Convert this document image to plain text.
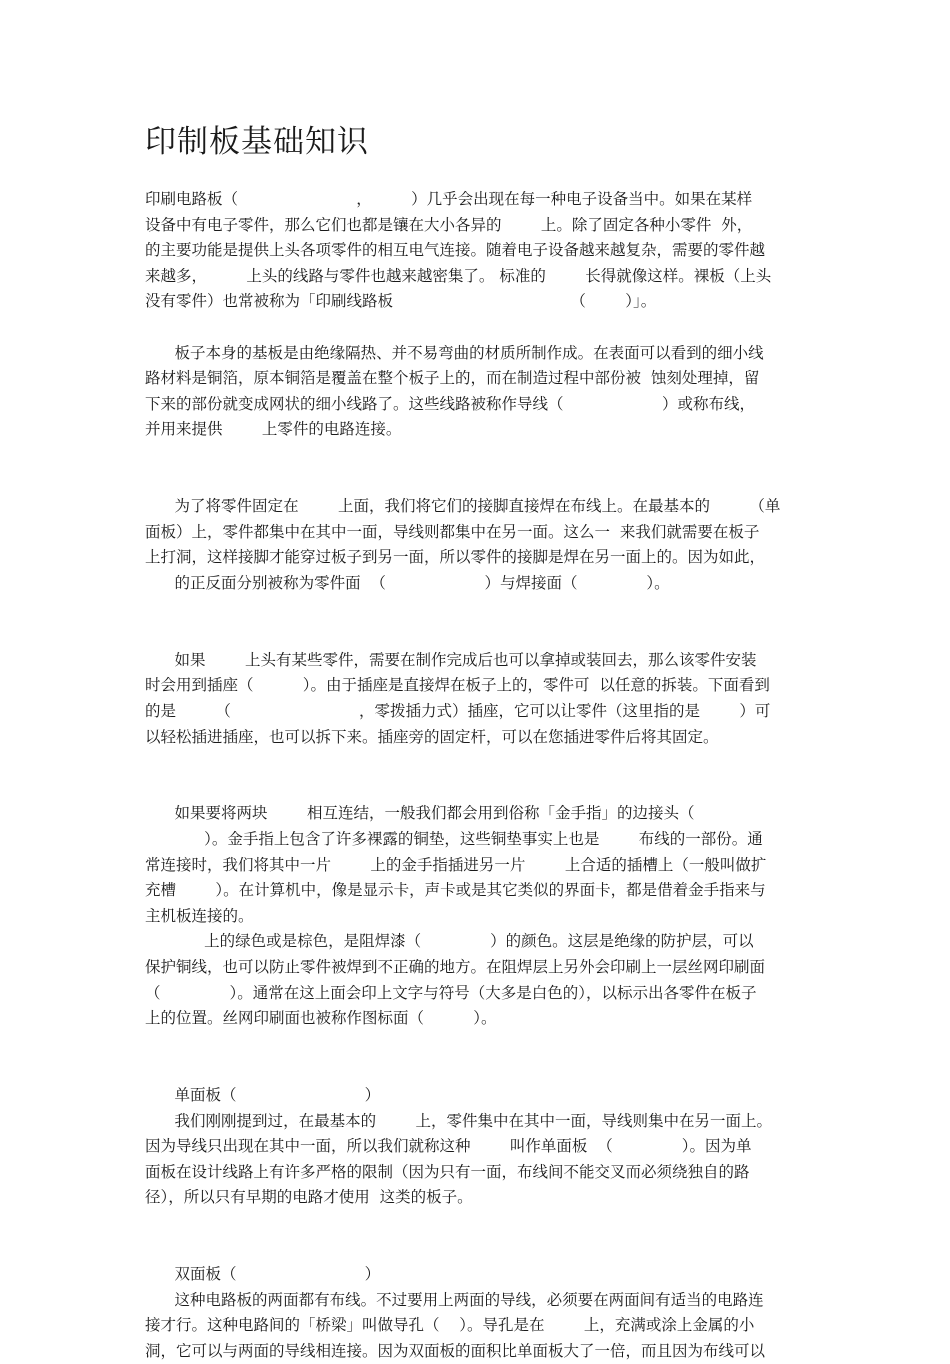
印制板基础知识
印刷电路板（                        ，        ）几乎会出现在每一种电子设备当中。如果在某样
设备中有电子零件，那么它们也都是镶在大小各异的        上。除了固定各种小零件  外，
的主要功能是提供上头各项零件的相互电气连接。随着电子设备越来越复杂，需要的零件越
来越多，        上头的线路与零件也越来越密集了。 标准的        长得就像这样。裸板（上头
没有零件）也常被称为「印刷线路板                                    （        ）」。
板子本身的基板是由绝缘隔热、并不易弯曲的材质所制作成。在表面可以看到的细小线
路材料是铜箔，原本铜箔是覆盖在整个板子上的，而在制造过程中部份被  蚀刻处理掉，留
下来的部份就变成网状的细小线路了。这些线路被称作导线（                    ）或称布线，
并用来提供        上零件的电路连接。
为了将零件固定在        上面，我们将它们的接脚直接焊在布线上。在最基本的        （单
面板）上，零件都集中在其中一面，导线则都集中在另一面。这么一  来我们就需要在板子
上打洞，这样接脚才能穿过板子到另一面，所以零件的接脚是焊在另一面上的。因为如此，
的正反面分别被称为零件面  （                    ）与焊接面（              ）。
如果        上头有某些零件，需要在制作完成后也可以拿掉或装回去，那么该零件安装
时会用到插座（          ）。由于插座是直接焊在板子上的，零件可  以任意的拆装。下面看到
的是        （                          ，零拨插力式）插座，它可以让零件（这里指的是        ）可
以轻松插进插座，也可以拆下来。插座旁的固定杆，可以在您插进零件后将其固定。
如果要将两块        相互连结，一般我们都会用到俗称「金手指」的边接头（
）。金手指上包含了许多裸露的铜垫，这些铜垫事实上也是        布线的一部份。通
常连接时，我们将其中一片        上的金手指插进另一片        上合适的插槽上（一般叫做扩
充槽        ）。在计算机中，像是显示卡，声卡或是其它类似的界面卡，都是借着金手指来与
主机板连接的。
上的绿色或是棕色，是阻焊漆（              ）的颜色。这层是绝缘的防护层，可以
保护铜线，也可以防止零件被焊到不正确的地方。在阻焊层上另外会印刷上一层丝网印刷面
（              ）。通常在这上面会印上文字与符号（大多是白色的），以标示出各零件在板子
上的位置。丝网印刷面也被称作图标面（          ）。
单面板（                          ）
我们刚刚提到过，在最基本的        上，零件集中在其中一面，导线则集中在另一面上。
因为导线只出现在其中一面，所以我们就称这种        叫作单面板  （              ）。因为单
面板在设计线路上有许多严格的限制（因为只有一面，布线间不能交叉而必须绕独自的路
径），所以只有早期的电路才使用  这类的板子。
双面板（                          ）
这种电路板的两面都有布线。不过要用上两面的导线，必须要在两面间有适当的电路连
接才行。这种电路间的「桥梁」叫做导孔（    ）。导孔是在        上，充满或涂上金属的小
洞，它可以与两面的导线相连接。因为双面板的面积比单面板大了一倍，而且因为布线可以
